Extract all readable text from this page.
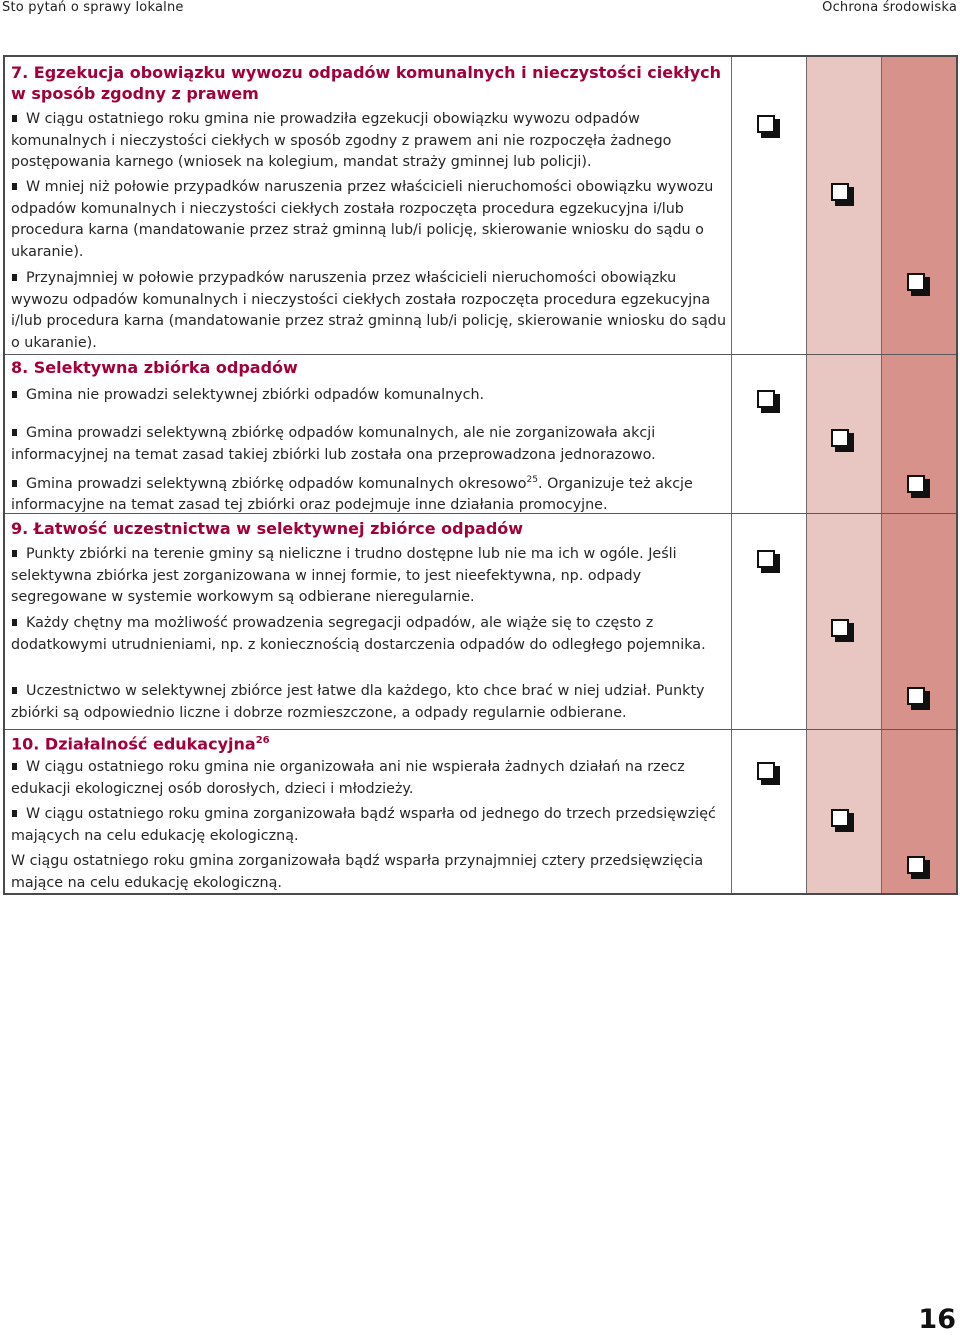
Sto pytań o sprawy lokalne	Ochrona środowiska
7. Egzekucja obowiązku wywozu odpadów komunalnych i nieczystości ciekłych w sposób zgodny z prawem
W ciągu ostatniego roku gmina nie prowadziła egzekucji obowiązku wywozu odpadów komunalnych i nieczystości ciekłych w sposób zgodny z prawem ani nie rozpoczęła żadnego postępowania karnego (wniosek na kolegium, mandat straży gminnej lub policji).
W mniej niż połowie przypadków naruszenia przez właścicieli nieruchomości obowiązku wywozu odpadów komunalnych i nieczystości ciekłych została rozpoczęta procedura egzekucyjna i/lub procedura karna (mandatowanie przez straż gminną lub/i policję, skierowanie wniosku do sądu o ukaranie).
Przynajmniej w połowie przypadków naruszenia przez właścicieli nieruchomości obowiązku wywozu odpadów komunalnych i nieczystości ciekłych została rozpoczęta procedura egzekucyjna i/lub procedura karna (mandatowanie przez straż gminną lub/i policję, skierowanie wniosku do sądu o ukaranie).
8. Selektywna zbiórka odpadów
Gmina nie prowadzi selektywnej zbiórki odpadów komunalnych.
Gmina prowadzi selektywną zbiórkę odpadów komunalnych, ale nie zorganizowała akcji informacyjnej na temat zasad takiej zbiórki lub została ona przeprowadzona jednorazowo.
Gmina prowadzi selektywną zbiórkę odpadów komunalnych okresowo$^{25}$. Organizuje też akcje informacyjne na temat zasad tej zbiórki oraz podejmuje inne działania promocyjne.
9. Łatwość uczestnictwa w selektywnej zbiórce odpadów
Punkty zbiórki na terenie gminy są nieliczne i trudno dostępne lub nie ma ich w ogóle. Jeśli selektywna zbiórka jest zorganizowana w innej formie, to jest nieefektywna, np. odpady segregowane w systemie workowym są odbierane nieregularnie.
Każdy chętny ma możliwość prowadzenia segregacji odpadów, ale wiąże się to często z dodatkowymi utrudnieniami, np. z koniecznością dostarczenia odpadów do odległego pojemnika.
Uczestnictwo w selektywnej zbiórce jest łatwe dla każdego, kto chce brać w niej udział. Punkty zbiórki są odpowiednio liczne i dobrze rozmieszczone, a odpady regularnie odbierane.
10. Działalność edukacyjna$^{26}$
W ciągu ostatniego roku gmina nie organizowała ani nie wspierała żadnych działań na rzecz edukacji ekologicznej osób dorosłych, dzieci i młodzieży.
W ciągu ostatniego roku gmina zorganizowała bądź wsparła od jednego do trzech przedsięwzięć mających na celu edukację ekologiczną.
W ciągu ostatniego roku gmina zorganizowała bądź wsparła przynajmniej cztery przedsięwzięcia mające na celu edukację ekologiczną.
16
